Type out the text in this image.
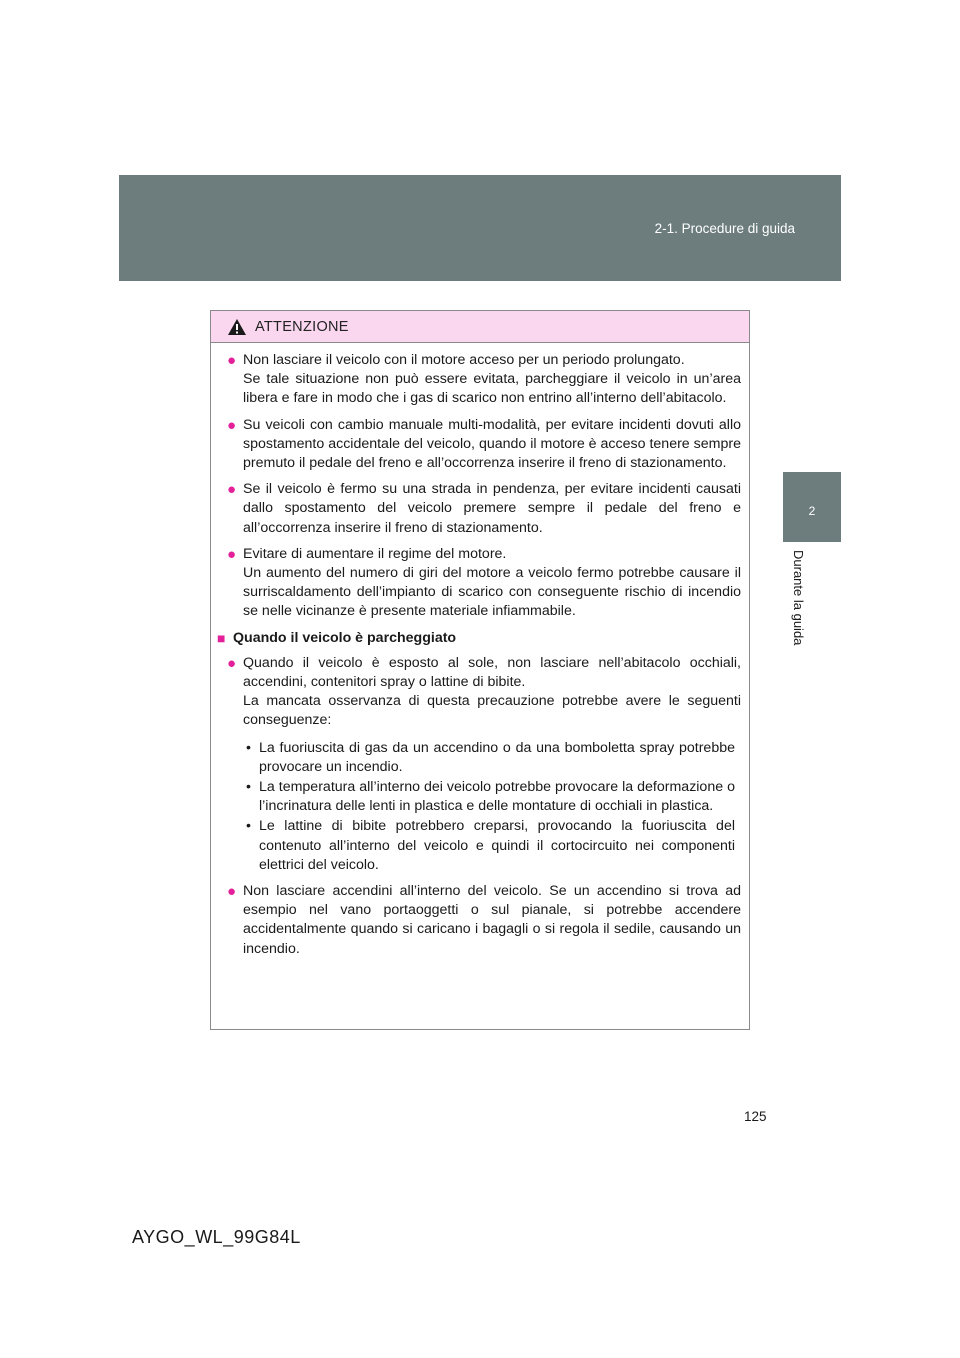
2-1. Procedure di guida
2
Durante la guida
ATTENZIONE
● Non lasciare il veicolo con il motore acceso per un periodo prolungato.

Se tale situazione non può essere evitata, parcheggiare il veicolo in un’area libera e fare in modo che i gas di scarico non entrino all’interno dell’abitacolo.

● Su veicoli con cambio manuale multi-modalità, per evitare incidenti dovuti allo spostamento accidentale del veicolo, quando il motore è acceso tenere sempre premuto il pedale del freno e all’occorrenza inserire il freno di stazionamento.

● Se il veicolo è fermo su una strada in pendenza, per evitare incidenti causati dallo spostamento del veicolo premere sempre il pedale del freno e all’occorrenza inserire il freno di stazionamento.

● Evitare di aumentare il regime del motore.

Un aumento del numero di giri del motore a veicolo fermo potrebbe causare il surriscaldamento dell’impianto di scarico con conseguente rischio di incendio se nelle vicinanze è presente materiale infiammabile.

■ Quando il veicolo è parcheggiato
● Quando il veicolo è esposto al sole, non lasciare nell’abitacolo occhiali, accendini, contenitori spray o lattine di bibite.

La mancata osservanza di questa precauzione potrebbe avere le seguenti conseguenze:

• La fuoriuscita di gas da un accendino o da una bomboletta spray potrebbe provocare un incendio.
• La temperatura all’interno dei veicolo potrebbe provocare la deformazione o l’incrinatura delle lenti in plastica e delle montature di occhiali in plastica.
• Le lattine di bibite potrebbero creparsi, provocando la fuoriuscita del contenuto all’interno del veicolo e quindi il cortocircuito nei componenti elettrici del veicolo.
● Non lasciare accendini all’interno del veicolo. Se un accendino si trova ad esempio nel vano portaoggetti o sul pianale, si potrebbe accendere accidentalmente quando si caricano i bagagli o si regola il sedile, causando un incendio.

125
AYGO_WL_99G84L
